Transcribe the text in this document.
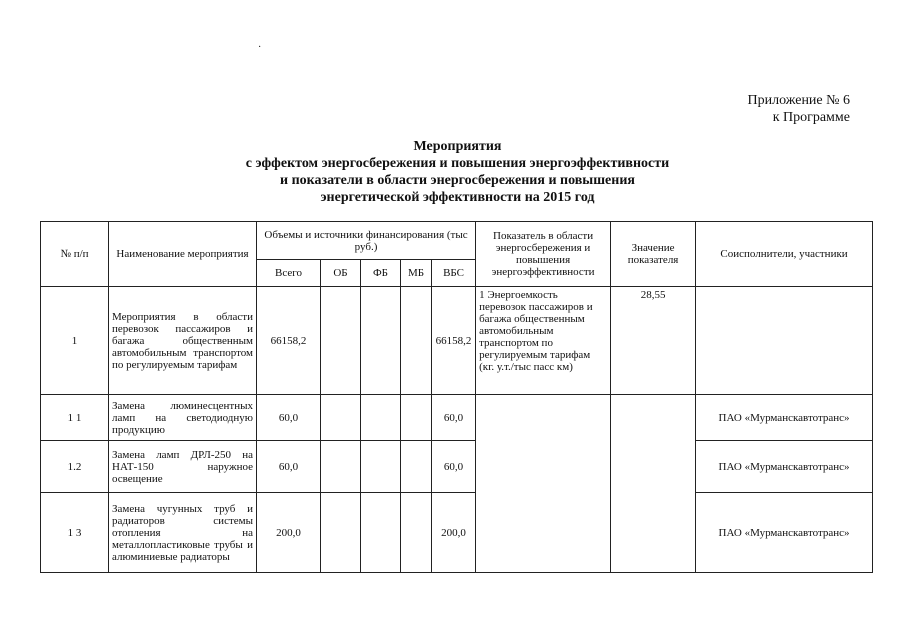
·
Приложение № 6
к Программе
Мероприятия
с эффектом энергосбережения и повышения энергоэффективности
и показатели в области энергосбережения и повышения
энергетической эффективности на 2015 год
№ п/п	Наименование мероприятия	Объемы и источники финансирования (тыс руб.)					Показатель в области энергосбережения и повышения энергоэффективности	Значение показателя	Соисполнители, участники
		Всего	ОБ	ФБ	МБ	ВБС			
1	Мероприятия в области перевозок пассажиров и багажа общественным автомобильным транспортом по регулируемым тарифам	66158,2				66158,2	1 Энергоемкость перевозок пассажиров и багажа общественным автомобильным транспортом по регулируемым тарифам (кг. у.т./тыс пасс км)	28,55	
1 1	Замена люминесцентных ламп на светодиодную продукцию	60,0				60,0			ПАО «Мурманскавтотранс»
1.2	Замена ламп ДРЛ-250 на НАТ-150 наружное освещение	60,0				60,0			ПАО «Мурманскавтотранс»
1 3	Замена чугунных труб и радиаторов системы отопления на металлопластиковые трубы и алюминиевые радиаторы	200,0				200,0			ПАО «Мурманскавтотранс»
